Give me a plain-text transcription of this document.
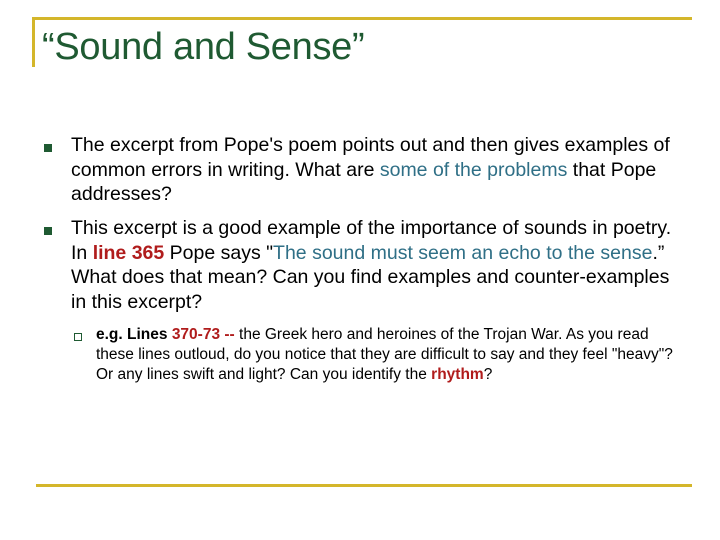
“Sound and Sense”

The excerpt from Pope's poem points out and then gives examples of common errors in writing. What are some of the problems that Pope addresses?

This excerpt is a good example of the importance of sounds in poetry. In line 365 Pope says "The sound must seem an echo to the sense.” What does that mean? Can you find examples and counter-examples in this excerpt?

e.g. Lines 370-73 -- the Greek hero and heroines of the Trojan War. As you read these lines outloud, do you notice that they are difficult to say and they feel "heavy"? Or any lines swift and light? Can you identify the rhythm?
